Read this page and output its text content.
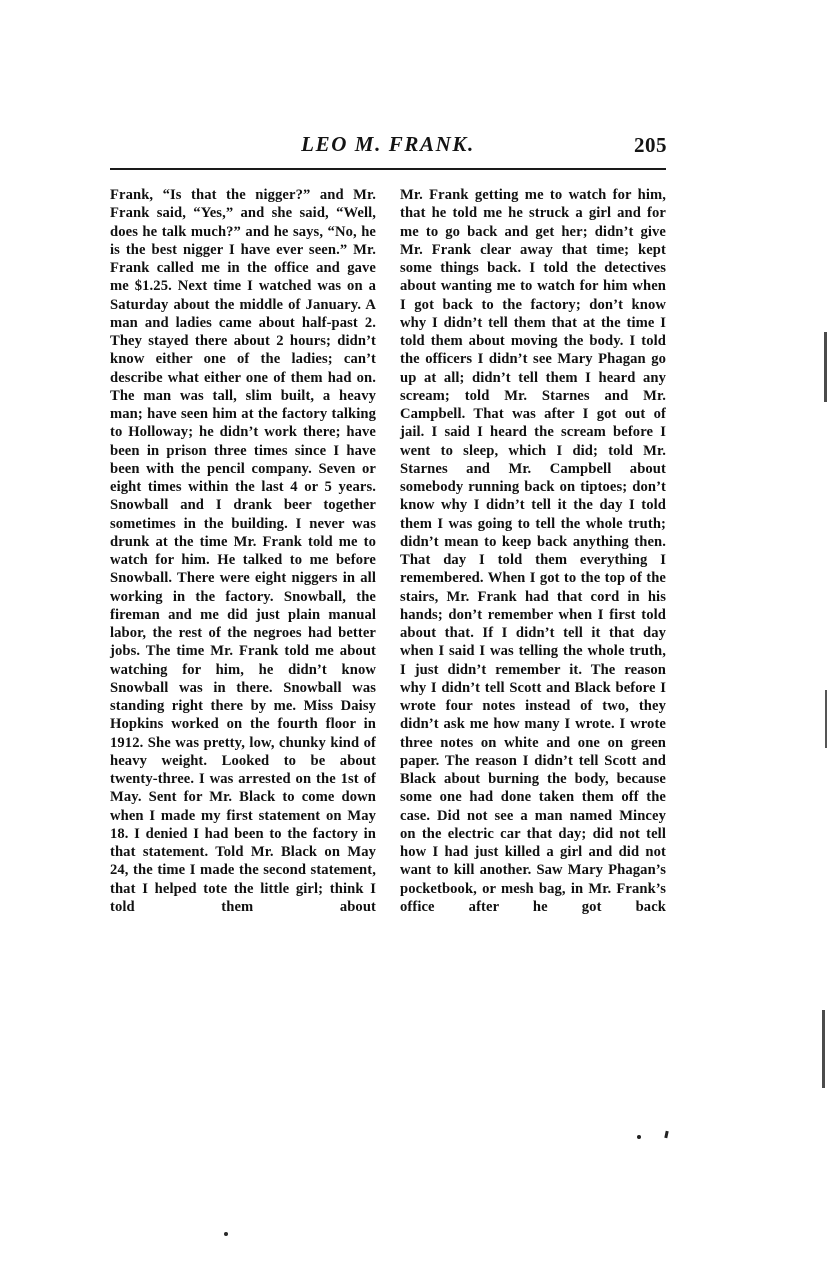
LEO M. FRANK.	205

Frank, “Is that the nigger?” and Mr. Frank said, “Yes,” and she said, “Well, does he talk much?” and he says, “No, he is the best nigger I have ever seen.” Mr. Frank called me in the office and gave me $1.25. Next time I watched was on a Saturday about the middle of January. A man and ladies came about half-past 2. They stayed there about 2 hours; didn’t know either one of the ladies; can’t describe what either one of them had on. The man was tall, slim built, a heavy man; have seen him at the factory talking to Holloway; he didn’t work there; have been in prison three times since I have been with the pencil company. Seven or eight times within the last 4 or 5 years. Snowball and I drank beer together sometimes in the building. I never was drunk at the time Mr. Frank told me to watch for him. He talked to me before Snowball. There were eight niggers in all working in the factory. Snowball, the fireman and me did just plain manual labor, the rest of the negroes had better jobs. The time Mr. Frank told me about watching for him, he didn’t know Snowball was in there. Snowball was standing right there by me. Miss Daisy Hopkins worked on the fourth floor in 1912. She was pretty, low, chunky kind of heavy weight. Looked to be about twenty-three. I was arrested on the 1st of May. Sent for Mr. Black to come down when I made my first statement on May 18. I denied I had been to the factory in that statement. Told Mr. Black on May 24, the time I made the second statement, that I helped tote the little girl; think I told them about

Mr. Frank getting me to watch for him, that he told me he struck a girl and for me to go back and get her; didn’t give Mr. Frank clear away that time; kept some things back. I told the detectives about wanting me to watch for him when I got back to the factory; don’t know why I didn’t tell them that at the time I told them about moving the body. I told the officers I didn’t see Mary Phagan go up at all; didn’t tell them I heard any scream; told Mr. Starnes and Mr. Campbell. That was after I got out of jail. I said I heard the scream before I went to sleep, which I did; told Mr. Starnes and Mr. Campbell about somebody running back on tiptoes; don’t know why I didn’t tell it the day I told them I was going to tell the whole truth; didn’t mean to keep back anything then. That day I told them everything I remembered. When I got to the top of the stairs, Mr. Frank had that cord in his hands; don’t remember when I first told about that. If I didn’t tell it that day when I said I was telling the whole truth, I just didn’t remember it. The reason why I didn’t tell Scott and Black before I wrote four notes instead of two, they didn’t ask me how many I wrote. I wrote three notes on white and one on green paper. The reason I didn’t tell Scott and Black about burning the body, because some one had done taken them off the case. Did not see a man named Mincey on the electric car that day; did not tell how I had just killed a girl and did not want to kill another. Saw Mary Phagan’s pocketbook, or mesh bag, in Mr. Frank’s office after he got back
